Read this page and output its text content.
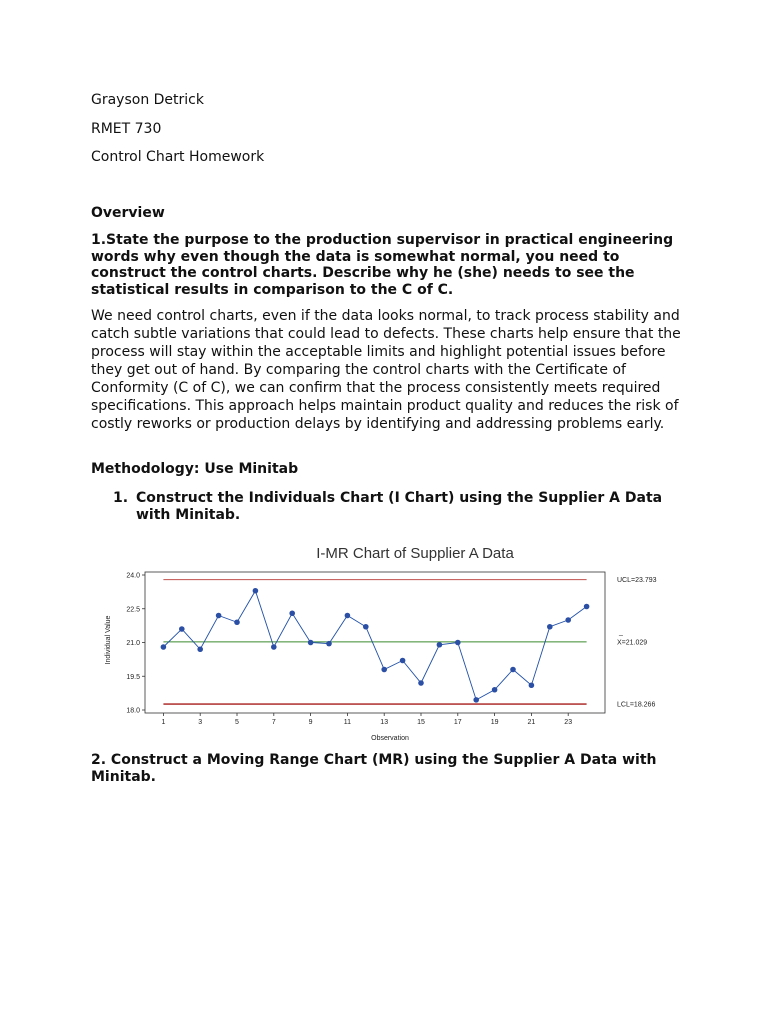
Grayson Detrick
RMET 730
Control Chart Homework
Overview
1.State the purpose to the production supervisor in practical engineering words why even though the data is somewhat normal, you need to construct the control charts. Describe why he (she) needs to see the statistical results in comparison to the C of C.
We need control charts, even if the data looks normal, to track process stability and catch subtle variations that could lead to defects. These charts help ensure that the process will stay within the acceptable limits and highlight potential issues before they get out of hand. By comparing the control charts with the Certificate of Conformity (C of C), we can confirm that the process consistently meets required specifications. This approach helps maintain product quality and reduces the risk of costly reworks or production delays by identifying and addressing problems early.
Methodology: Use Minitab
1. Construct the Individuals Chart (I Chart) using the Supplier A Data with Minitab.
I-MR Chart of Supplier A Data
Individual Value
Observation
18.0
19.5
21.0
22.5
24.0
1	3	5	7	9	11	13	15	17	19	21	23
UCL=23.793
_
X=21.029
LCL=18.266
2. Construct a Moving Range Chart (MR) using the Supplier A Data with Minitab.
